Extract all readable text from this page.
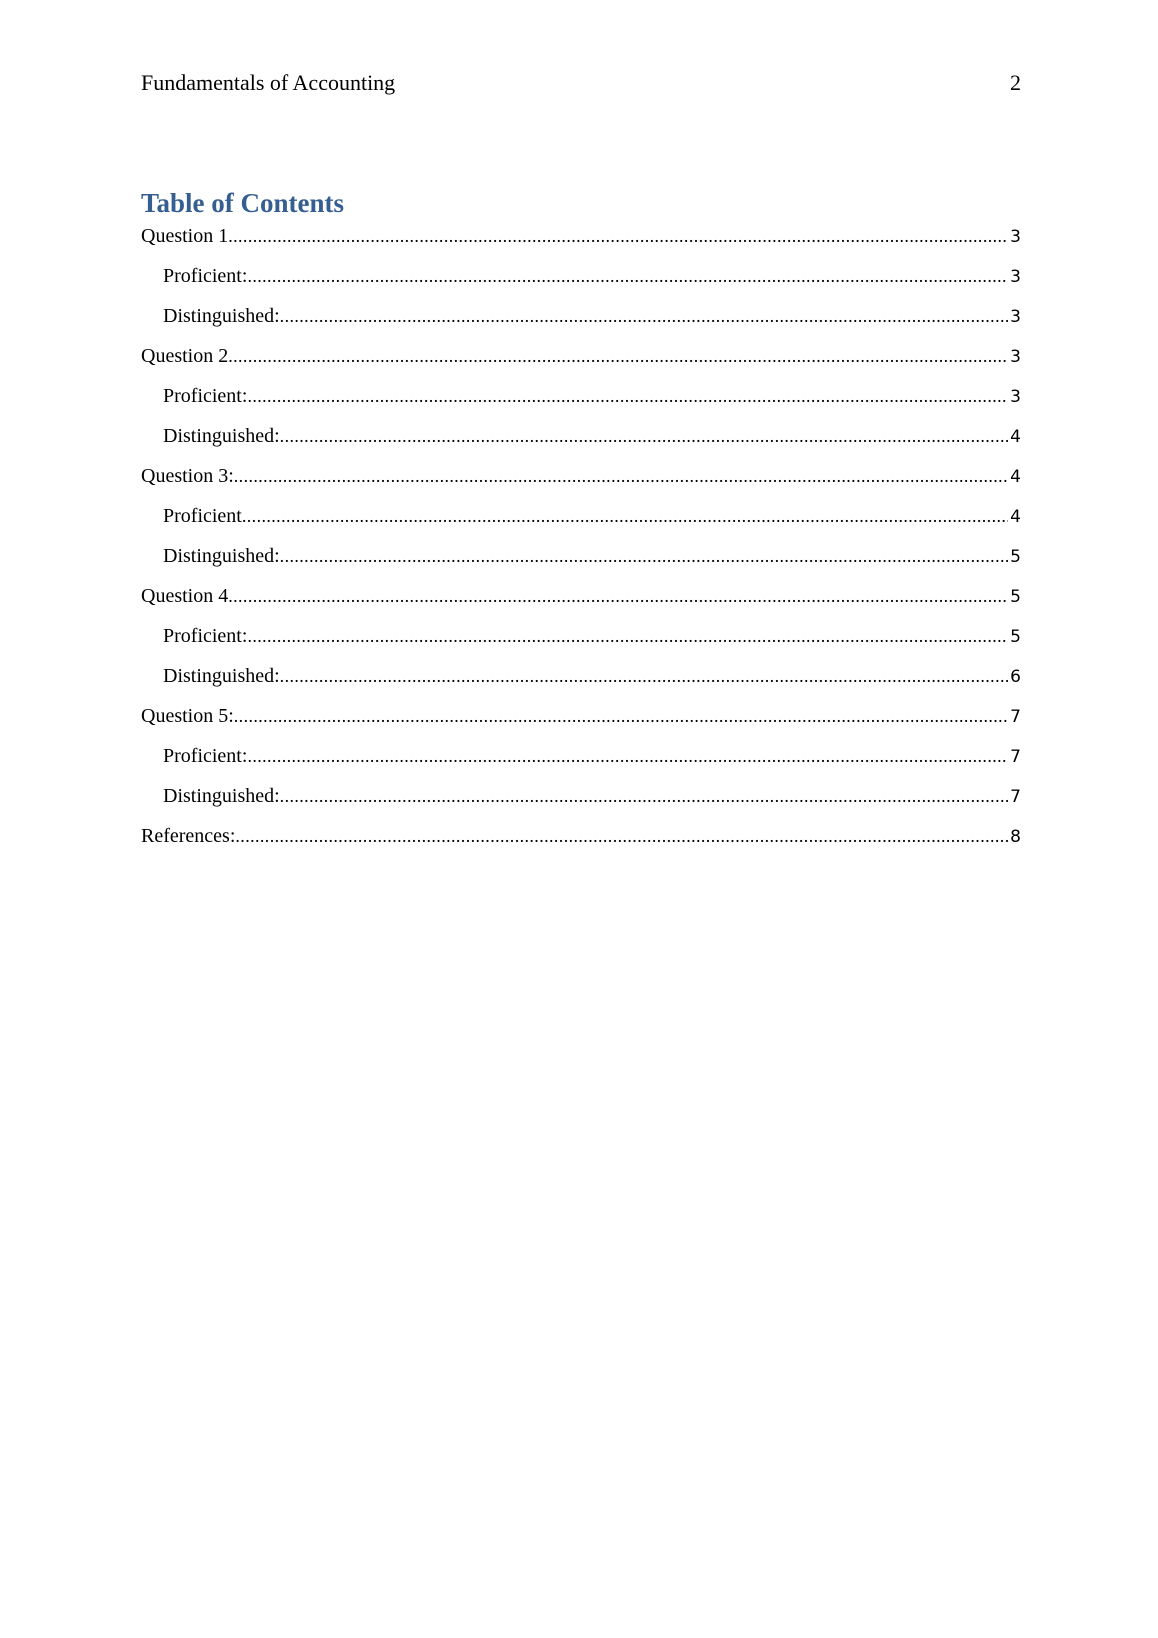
Fundamentals of Accounting	2
Table of Contents
Question 1 .....	3
Proficient: .....	3
Distinguished: .....	3
Question 2 .....	3
Proficient: .....	3
Distinguished: .....	4
Question 3: .....	4
Proficient .....	4
Distinguished: .....	5
Question 4 .....	5
Proficient: .....	5
Distinguished: .....	6
Question 5: .....	7
Proficient: .....	7
Distinguished: .....	7
References: .....	8
